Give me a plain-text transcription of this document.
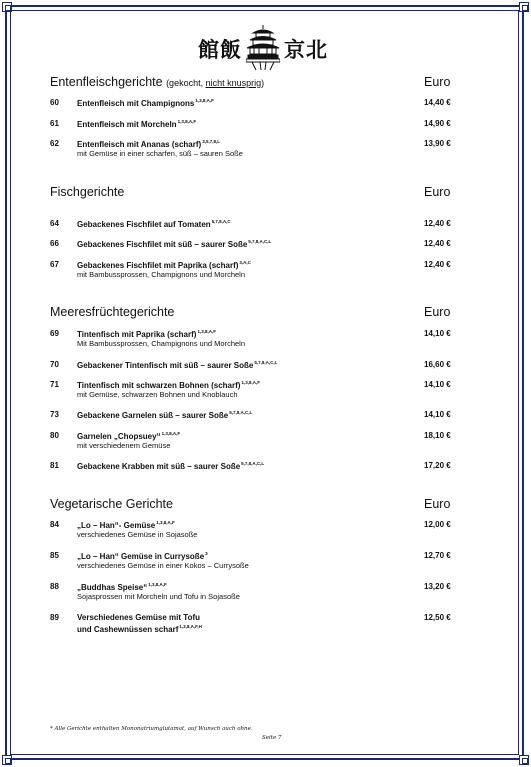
館飯 京北
Entenfleischgerichte (gekocht, nicht knusprig)	Euro
60 Entenfleisch mit Champignons$^{1,3,8,A,F}$	14,40 €
61 Entenfleisch mit Morcheln$^{1,3,8,A,F}$	14,90 €
62 Entenfleisch mit Ananas (scharf)$^{3,5,7,8,L}$	13,90 €
mit Gemüse in einer scharfen, süß – sauren Soße
Fischgerichte	Euro
64 Gebackenes Fischfilet auf Tomaten$^{5,7,8,A,C}$	12,40 €
66 Gebackenes Fischfilet mit süß – saurer Soße$^{5,7,8,A,C,L}$	12,40 €
67 Gebackenes Fischfilet mit Paprika (scharf)$^{3,A,C}$	12,40 €
mit Bambussprossen, Champignons und Morcheln
Meeresfrüchtegerichte	Euro
69 Tintenfisch mit Paprika (scharf)$^{1,3,8,A,F}$	14,10 €
Mit Bambussprossen, Champignons und Morcheln
70 Gebackener Tintenfisch mit süß – saurer Soße$^{5,7,8,A,C,L}$	16,60 €
71 Tintenfisch mit schwarzen Bohnen (scharf)$^{1,3,8,A,F}$	14,10 €
mit Gemüse, schwarzen Bohnen und Knoblauch
73 Gebackene Garnelen süß – saurer Soße$^{5,7,8,A,C,L}$	14,10 €
80 Garnelen „Chopsuey“$^{1,3,8,A,F}$	18,10 €
mit verschiedenem Gemüse
81 Gebackene Krabben mit süß – saurer Soße$^{5,7,8,A,C,L}$	17,20 €
Vegetarische Gerichte	Euro
84 „Lo – Han“- Gemüse$^{1,3,8,A,F}$	12,00 €
verschiedenes Gemüse in Sojasoße
85 „Lo – Han“ Gemüse in Currysoße$^3$	12,70 €
verschiedenes Gemüse in einer Kokos – Currysoße
88 „Buddhas Speise“$^{1,3,8,A,F}$	13,20 €
Sojasprossen mit Morcheln und Tofu in Sojasoße
89 Verschiedenes Gemüse mit Tofu	12,50 €
und Cashewnüssen scharf$^{1,3,8,A,F,H}$
* Alle Gerichte enthalten Mononatriumglutamat, auf Wunsch auch ohne.
Seite 7
